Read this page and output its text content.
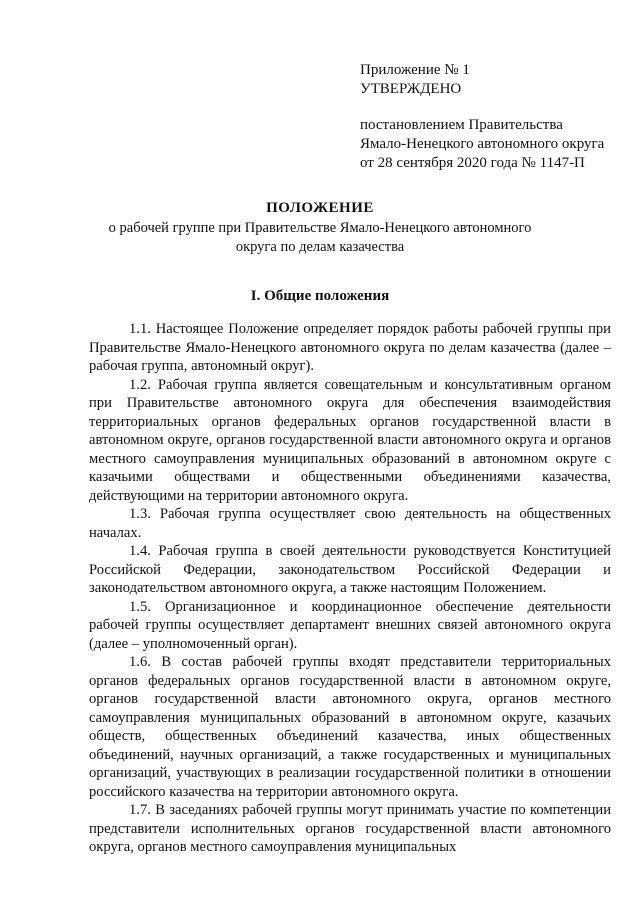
Приложение № 1
УТВЕРЖДЕНО
постановлением Правительства
Ямало-Ненецкого автономного округа
от 28 сентября 2020 года № 1147-П
ПОЛОЖЕНИЕ
о рабочей группе при Правительстве Ямало-Ненецкого автономного округа по делам казачества
I. Общие положения

1.1. Настоящее Положение определяет порядок работы рабочей группы при Правительстве Ямало-Ненецкого автономного округа по делам казачества (далее – рабочая группа, автономный округ).

1.2. Рабочая группа является совещательным и консультативным органом при Правительстве автономного округа для обеспечения взаимодействия территориальных органов федеральных органов государственной власти в автономном округе, органов государственной власти автономного округа и органов местного самоуправления муниципальных образований в автономном округе с казачьими обществами и общественными объединениями казачества, действующими на территории автономного округа.

1.3. Рабочая группа осуществляет свою деятельность на общественных началах.

1.4. Рабочая группа в своей деятельности руководствуется Конституцией Российской Федерации, законодательством Российской Федерации и законодательством автономного округа, а также настоящим Положением.

1.5. Организационное и координационное обеспечение деятельности рабочей группы осуществляет департамент внешних связей автономного округа (далее – уполномоченный орган).

1.6. В состав рабочей группы входят представители территориальных органов федеральных органов государственной власти в автономном округе, органов государственной власти автономного округа, органов местного самоуправления муниципальных образований в автономном округе, казачьих обществ, общественных объединений казачества, иных общественных объединений, научных организаций, а также государственных и муниципальных организаций, участвующих в реализации государственной политики в отношении российского казачества на территории автономного округа.

1.7. В заседаниях рабочей группы могут принимать участие по компетенции представители исполнительных органов государственной власти автономного округа, органов местного самоуправления муниципальных
